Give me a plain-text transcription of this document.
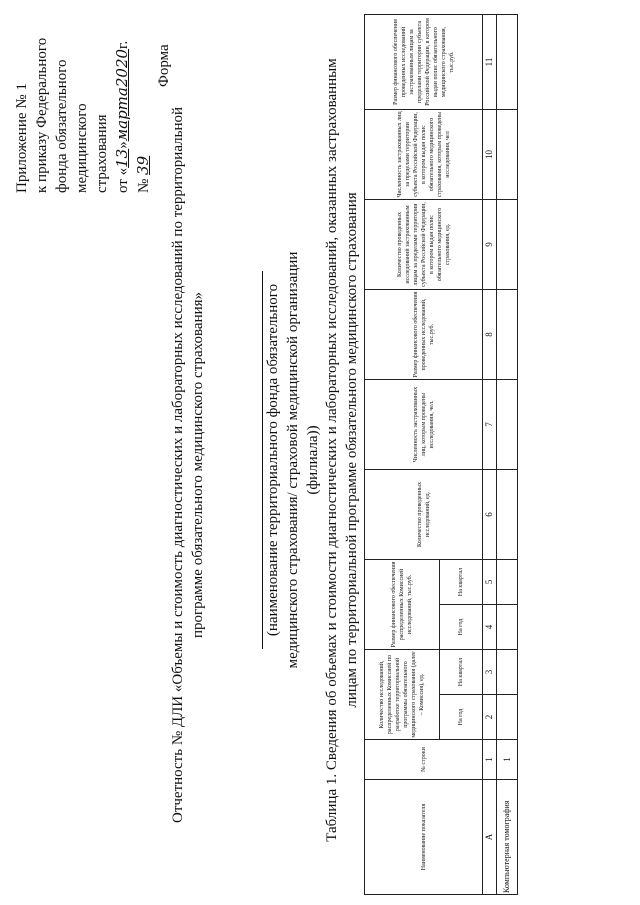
Приложение № 1 к приказу Федерального фонда обязательного медицинского страхования от «13»марта2020г.
№ 39
Форма
Отчетность № ДЛИ «Объемы и стоимость диагностических и лабораторных исследований по территориальной программе обязательного медицинского страхования»	(наименование территориального фонда обязательного медицинского страхования/ страховой медицинской организации (филиала)) Таблица 1. Сведения об объемах и стоимости диагностических и лабораторных исследований, оказанных застрахованным лицам по территориальной программе обязательного медицинского страхования
Наименование показателя	№ строки	Количество исследований, распределенных Комиссией по разработке территориальной программы обязательного медицинского страхования (далее – Комиссия), ед.		Размер финансового обеспечения распределенных Комиссией исследований, тыс.руб.		Количество проведенных исследований, ед.	Численность застрахованных лиц, которым проведены исследования, чел.	Размер финансового обеспечения проведенных исследований, тыс.руб.	Количество проведенных исследований застрахованным лицам за пределами территории субъекта Российской Федерации, в котором выдан полис обязательного медицинского страхования, ед.	Численность застрахованных лиц за пределами территории субъекта Российской Федерации, в котором выдан полис обязательного медицинского страхования, которым проведены исследования, чел	Размер финансового обеспечения проведенных исследований застрахованным лицам за пределами территории субъекта Российской Федерации, в котором выдан полис обязательного медицинского страхования, тыс.руб.
		На год	На квартал	На год	На квартал						
А	1	2	3	4	5	6	7	8	9	10	11
Компьютерная томография	1										
